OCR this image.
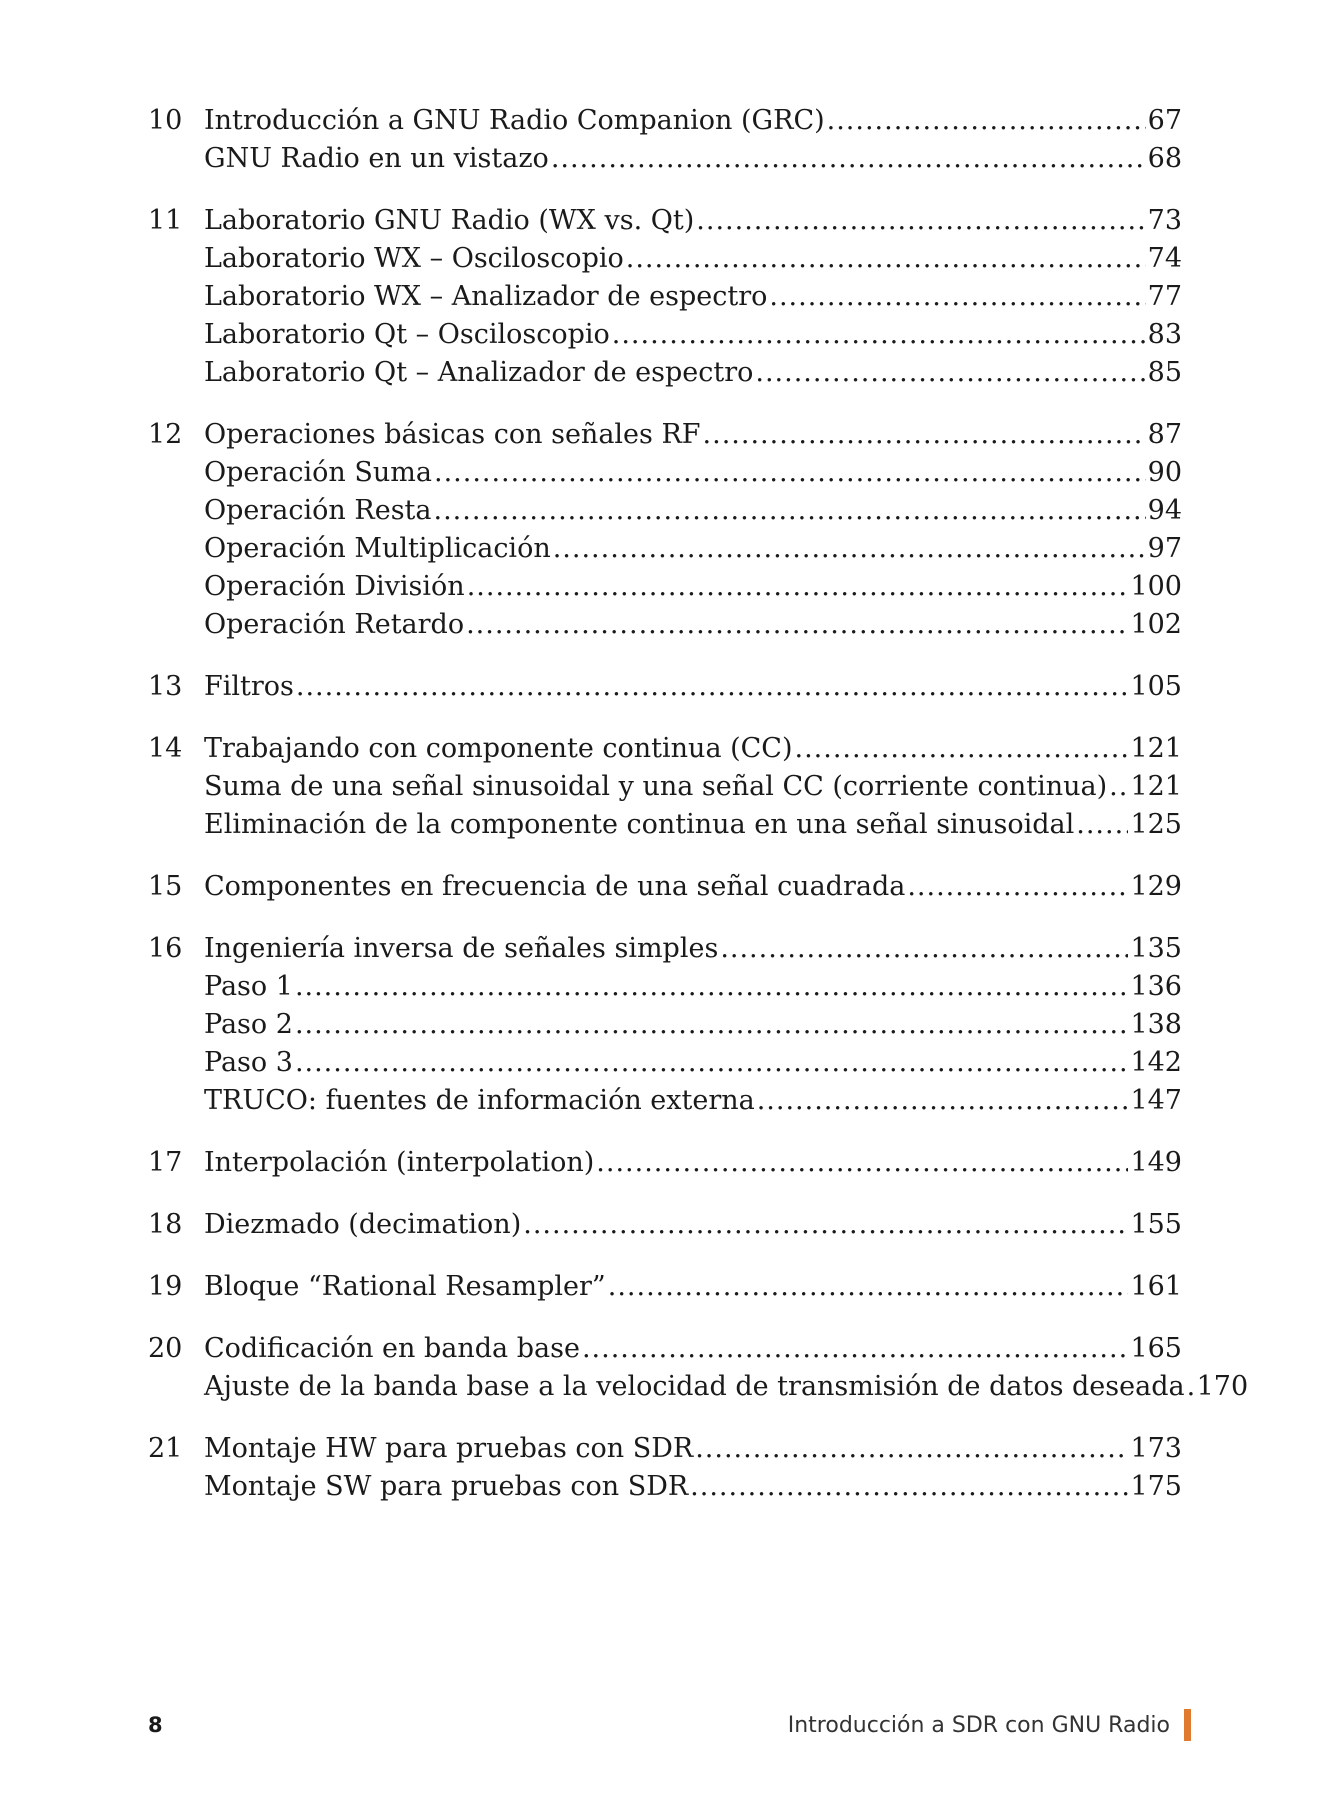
10 Introducción a GNU Radio Companion (GRC) .....	67
GNU Radio en un vistazo .....	68
11 Laboratorio GNU Radio (WX vs. Qt) .....	73
Laboratorio WX – Osciloscopio .....	74
Laboratorio WX – Analizador de espectro .....	77
Laboratorio Qt – Osciloscopio .....	83
Laboratorio Qt – Analizador de espectro .....	85
12 Operaciones básicas con señales RF .....	87
Operación Suma .....	90
Operación Resta .....	94
Operación Multiplicación .....	97
Operación División .....	100
Operación Retardo .....	102
13 Filtros .....	105
14 Trabajando con componente continua (CC) .....	121
Suma de una señal sinusoidal y una señal CC (corriente continua) ..... 121
Eliminación de la componente continua en una señal sinusoidal ..... 125
15 Componentes en frecuencia de una señal cuadrada .....	129
16 Ingeniería inversa de señales simples .....	135
Paso 1 .....	136
Paso 2 .....	138
Paso 3 .....	142
TRUCO: fuentes de información externa .....	147
17 Interpolación (interpolation) .....	149
18 Diezmado (decimation) .....	155
19 Bloque “Rational Resampler” .....	161
20 Codificación en banda base .....	165
Ajuste de la banda base a la velocidad de transmisión de datos deseada ..... 170
21 Montaje HW para pruebas con SDR .....	173
Montaje SW para pruebas con SDR .....	175
8	Introducción a SDR con GNU Radio
